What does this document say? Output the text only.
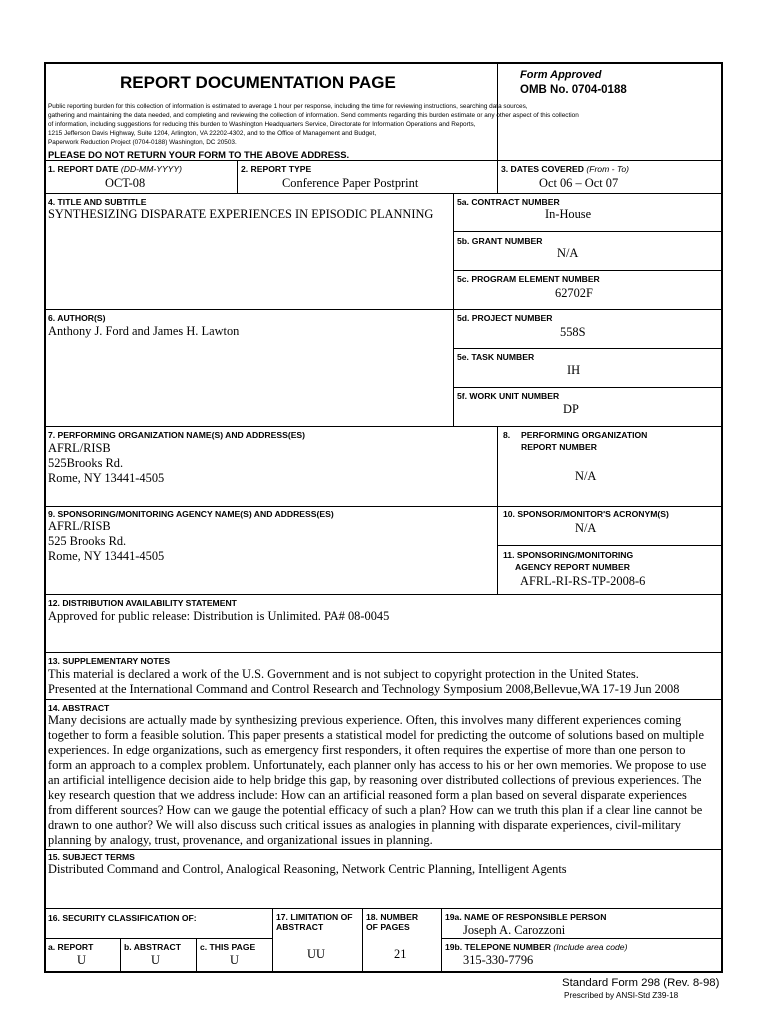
REPORT DOCUMENTATION PAGE	Form Approved
OMB No. 0704-0188
Public reporting burden for this collection of information is estimated to average 1 hour per response, including the time for reviewing instructions, searching data sources,
gathering and maintaining the data needed, and completing and reviewing the collection of information. Send comments regarding this burden estimate or any other aspect of this collection
of information, including suggestions for reducing this burden to Washington Headquarters Service, Directorate for Information Operations and Reports,
1215 Jefferson Davis Highway, Suite 1204, Arlington, VA 22202-4302, and to the Office of Management and Budget,
Paperwork Reduction Project (0704-0188) Washington, DC 20503.
PLEASE DO NOT RETURN YOUR FORM TO THE ABOVE ADDRESS.
1. REPORT DATE (DD-MM-YYYY)
OCT-08
2. REPORT TYPE
Conference Paper Postprint
3. DATES COVERED (From - To)
Oct 06 – Oct 07
4. TITLE AND SUBTITLE
SYNTHESIZING DISPARATE EXPERIENCES IN EPISODIC PLANNING
5a. CONTRACT NUMBER
In-House
5b. GRANT NUMBER
N/A
5c. PROGRAM ELEMENT NUMBER
62702F
6. AUTHOR(S)
Anthony J. Ford and James H. Lawton
5d. PROJECT NUMBER
558S
5e. TASK NUMBER
IH
5f. WORK UNIT NUMBER
DP
7. PERFORMING ORGANIZATION NAME(S) AND ADDRESS(ES)
AFRL/RISB
525Brooks Rd.
Rome, NY 13441-4505
8. PERFORMING ORGANIZATION
REPORT NUMBER
N/A
9. SPONSORING/MONITORING AGENCY NAME(S) AND ADDRESS(ES)
AFRL/RISB
525 Brooks Rd.
Rome, NY 13441-4505
10. SPONSOR/MONITOR'S ACRONYM(S)
N/A
11. SPONSORING/MONITORING
AGENCY REPORT NUMBER
AFRL-RI-RS-TP-2008-6
12. DISTRIBUTION AVAILABILITY STATEMENT
Approved for public release: Distribution is Unlimited. PA# 08-0045
13. SUPPLEMENTARY NOTES
This material is declared a work of the U.S. Government and is not subject to copyright protection in the United States.
Presented at the International Command and Control Research and Technology Symposium 2008,Bellevue,WA 17-19 Jun 2008
14. ABSTRACT
Many decisions are actually made by synthesizing previous experience. Often, this involves many different experiences coming
together to form a feasible solution. This paper presents a statistical model for predicting the outcome of solutions based on multiple
experiences. In edge organizations, such as emergency first responders, it often requires the expertise of more than one person to
form an approach to a complex problem. Unfortunately, each planner only has access to his or her own memories. We propose to use
an artificial intelligence decision aide to help bridge this gap, by reasoning over distributed collections of previous experiences. The
key research question that we address include: How can an artificial reasoned form a plan based on several disparate experiences
from different sources? How can we gauge the potential efficacy of such a plan? How can we truth this plan if a clear line cannot be
drawn to one author? We will also discuss such critical issues as analogies in planning with disparate experiences, civil-military
planning by analogy, trust, provenance, and organizational issues in planning.
15. SUBJECT TERMS
Distributed Command and Control, Analogical Reasoning, Network Centric Planning, Intelligent Agents
16. SECURITY CLASSIFICATION OF:
a. REPORT
U
b. ABSTRACT
U
c. THIS PAGE
U
17. LIMITATION OF
ABSTRACT
UU
18. NUMBER
OF PAGES
21
19a. NAME OF RESPONSIBLE PERSON
Joseph A. Carozzoni
19b. TELEPONE NUMBER (Include area code)
315-330-7796
Standard Form 298 (Rev. 8-98)
Prescribed by ANSI-Std Z39-18
